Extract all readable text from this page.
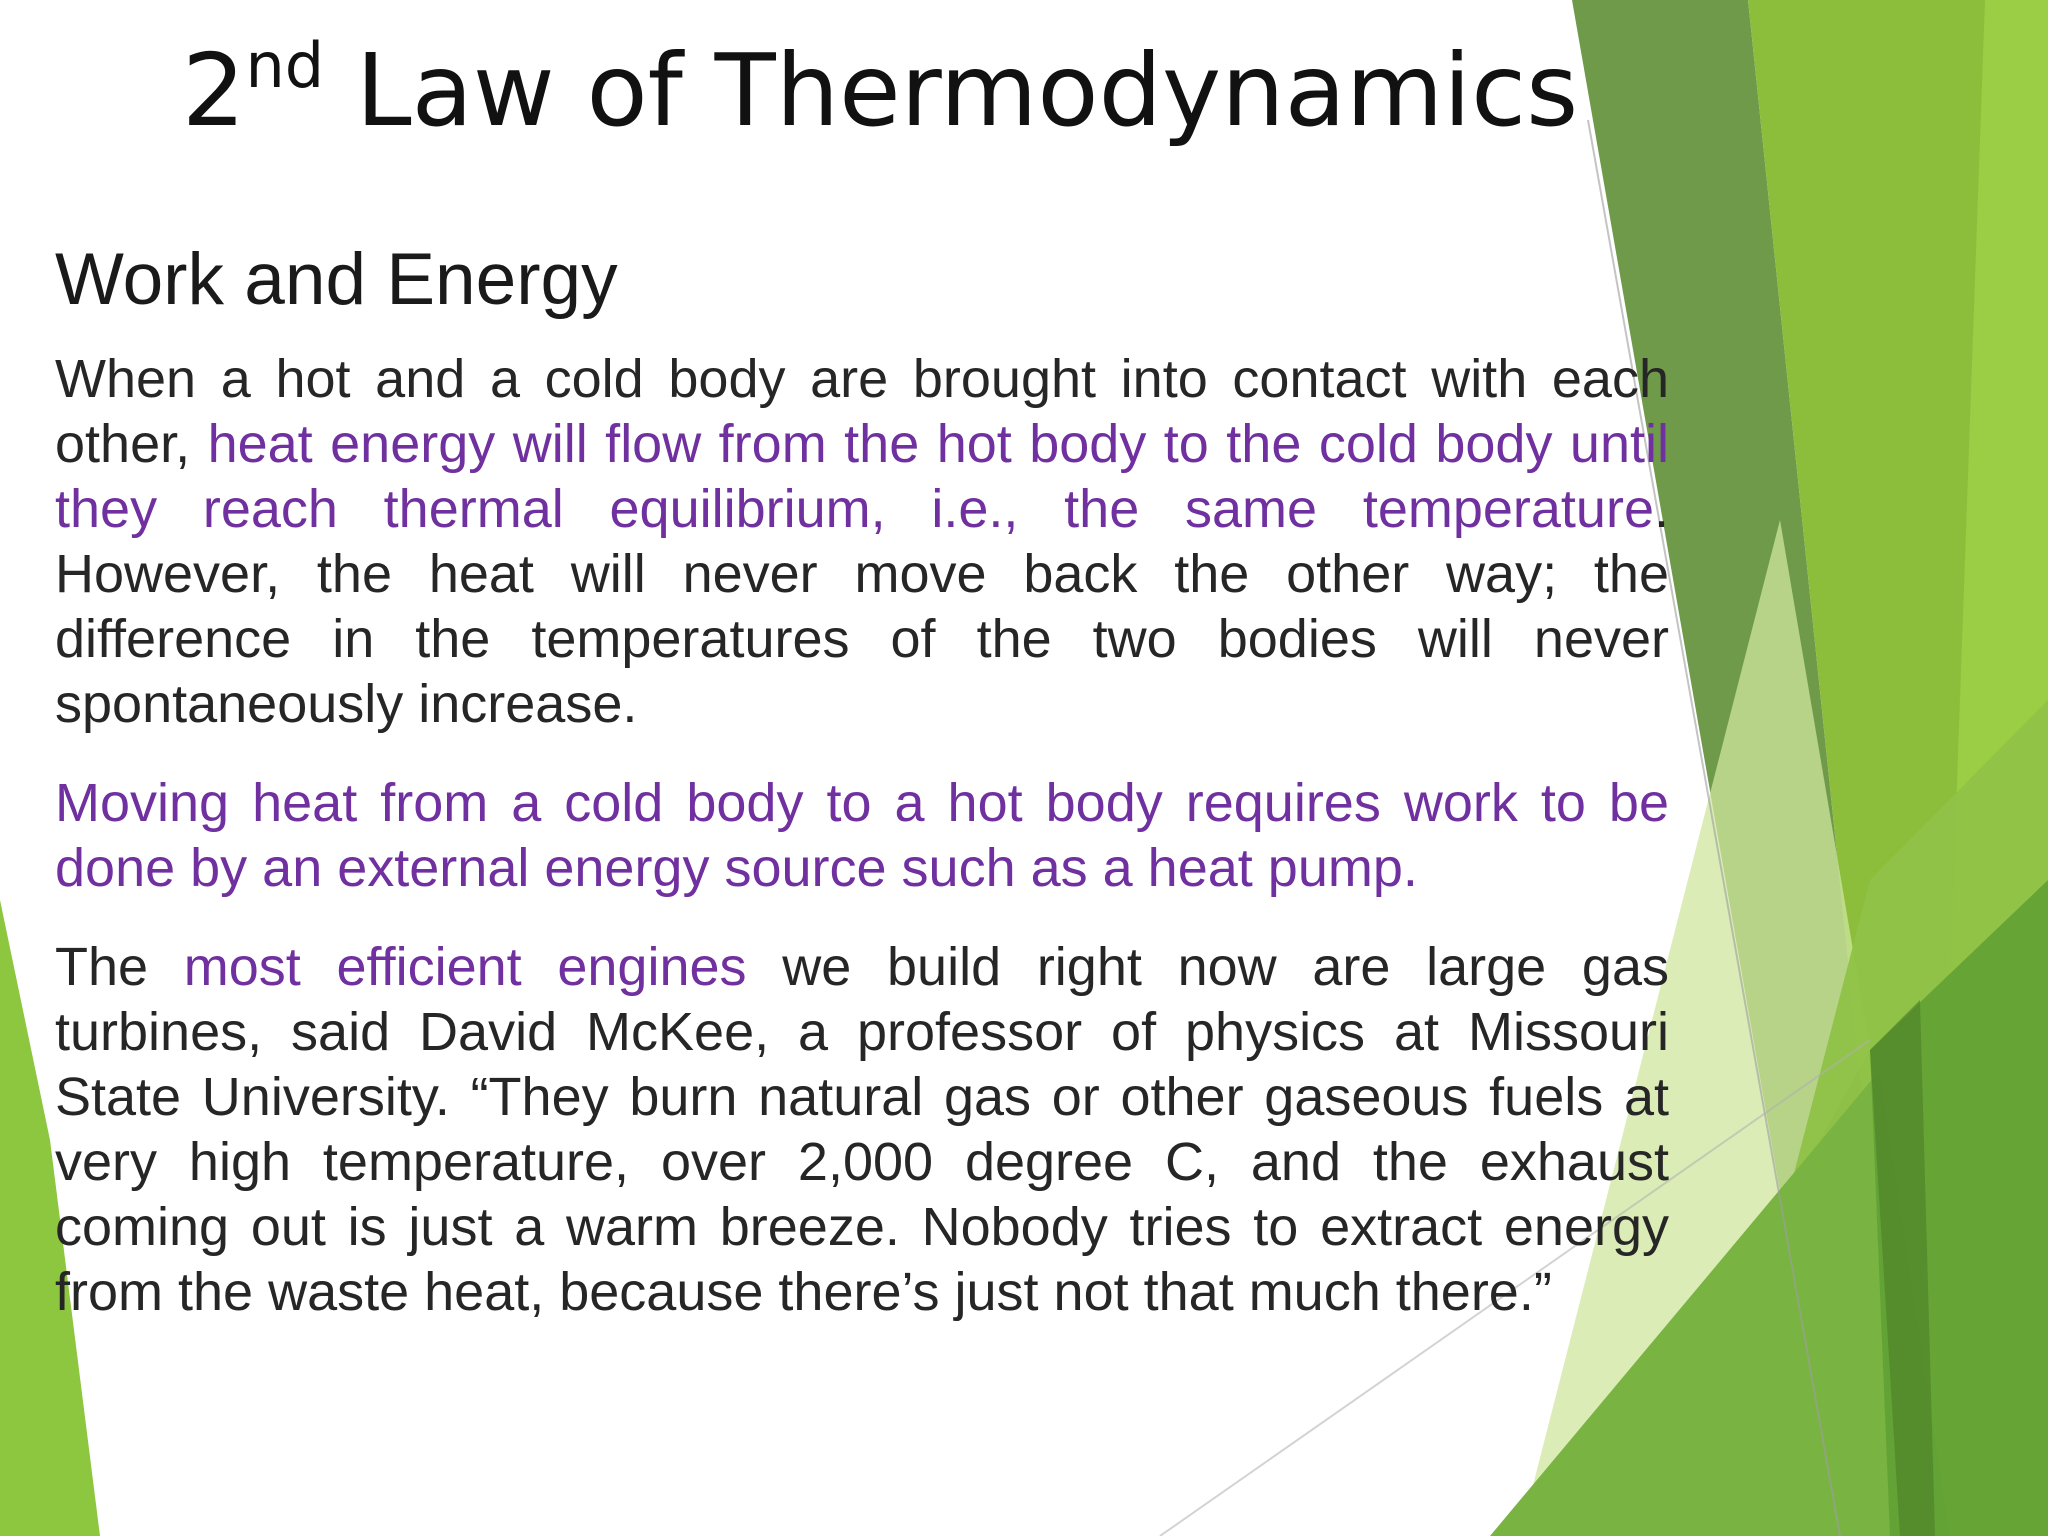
2nd Law of Thermodynamics
Work and Energy

When a hot and a cold body are brought into contact with each other, heat energy will flow from the hot body to the cold body until they reach thermal equilibrium, i.e., the same temperature. However, the heat will never move back the other way; the difference in the temperatures of the two bodies will never spontaneously increase.

Moving heat from a cold body to a hot body requires work to be done by an external energy source such as a heat pump.

The most efficient engines we build right now are large gas turbines, said David McKee, a professor of physics at Missouri State University. “They burn natural gas or other gaseous fuels at very high temperature, over 2,000 degree C, and the exhaust coming out is just a warm breeze. Nobody tries to extract energy from the waste heat, because there’s just not that much there.”
